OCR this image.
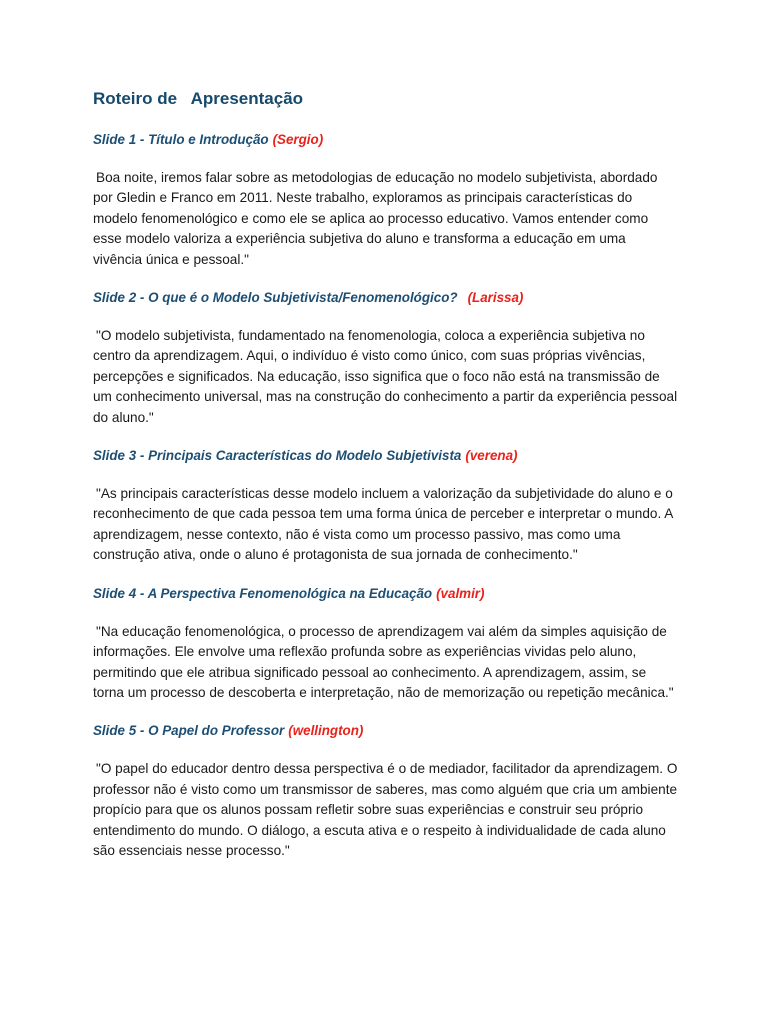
Roteiro de   Apresentação
Slide 1 - Título e Introdução (Sergio)

Boa noite, iremos falar sobre as metodologias de educação no modelo subjetivista, abordado por Gledin e Franco em 2011. Neste trabalho, exploramos as principais características do modelo fenomenológico e como ele se aplica ao processo educativo. Vamos entender como esse modelo valoriza a experiência subjetiva do aluno e transforma a educação em uma vivência única e pessoal."

Slide 2 - O que é o Modelo Subjetivista/Fenomenológico? (Larissa)

"O modelo subjetivista, fundamentado na fenomenologia, coloca a experiência subjetiva no centro da aprendizagem. Aqui, o indivíduo é visto como único, com suas próprias vivências, percepções e significados. Na educação, isso significa que o foco não está na transmissão de um conhecimento universal, mas na construção do conhecimento a partir da experiência pessoal do aluno."

Slide 3 - Principais Características do Modelo Subjetivista (verena)

"As principais características desse modelo incluem a valorização da subjetividade do aluno e o reconhecimento de que cada pessoa tem uma forma única de perceber e interpretar o mundo. A aprendizagem, nesse contexto, não é vista como um processo passivo, mas como uma construção ativa, onde o aluno é protagonista de sua jornada de conhecimento."

Slide 4 - A Perspectiva Fenomenológica na Educação (valmir)

"Na educação fenomenológica, o processo de aprendizagem vai além da simples aquisição de informações. Ele envolve uma reflexão profunda sobre as experiências vividas pelo aluno, permitindo que ele atribua significado pessoal ao conhecimento. A aprendizagem, assim, se torna um processo de descoberta e interpretação, não de memorização ou repetição mecânica."

Slide 5 - O Papel do Professor (wellington)

"O papel do educador dentro dessa perspectiva é o de mediador, facilitador da aprendizagem. O professor não é visto como um transmissor de saberes, mas como alguém que cria um ambiente propício para que os alunos possam refletir sobre suas experiências e construir seu próprio entendimento do mundo. O diálogo, a escuta ativa e o respeito à individualidade de cada aluno são essenciais nesse processo."
